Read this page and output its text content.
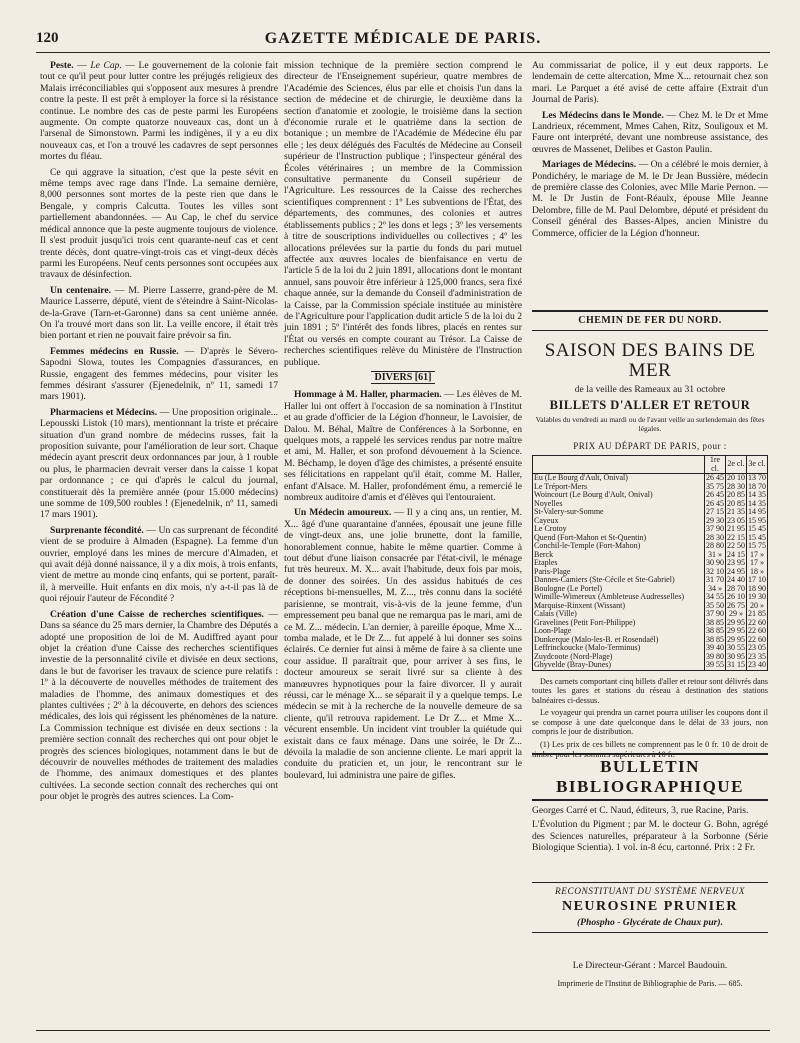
120	GAZETTE MÉDICALE DE PARIS.

Peste. — Le Cap. — Le gouvernement de la colonie fait tout ce qu'il peut pour lutter contre les préjugés religieux des Malais irréconciliables qui s'opposent aux mesures à prendre contre la peste. Il est prêt à employer la force si la résistance continue. Le nombre des cas de peste parmi les Européens augmente. On compte quatorze nouveaux cas, dont un à l'arsenal de Simonstown. Parmi les indigènes, il y a eu dix nouveaux cas, et l'on a trouvé les cadavres de sept personnes mortes du fléau.

Ce qui aggrave la situation, c'est que la peste sévit en même temps avec rage dans l'Inde. La semaine dernière, 8,000 personnes sont mortes de la peste rien que dans le Bengale, y compris Calcutta. Toutes les villes sont partiellement abandonnées. — Au Cap, le chef du service médical annonce que la peste augmente toujours de violence. Il s'est produit jusqu'ici trois cent quarante-neuf cas et cent trente décès, dont quatre-vingt-trois cas et vingt-deux décès parmi les Européens. Neuf cents personnes sont occupées aux travaux de désinfection.

Un centenaire. — M. Pierre Lasserre, grand-père de M. Maurice Lasserre, député, vient de s'éteindre à Saint-Nicolas-de-la-Grave (Tarn-et-Garonne) dans sa cent unième année. On l'a trouvé mort dans son lit. La veille encore, il était très bien portant et rien ne pouvait faire prévoir sa fin.

Femmes médecins en Russie. — D'après le Sévero-Sapodni Slowa, toutes les Compagnies d'assurances, en Russie, engagent des femmes médecins, pour visiter les femmes désirant s'assurer (Ejenedelnik, nº 11, samedi 17 mars 1901).

Pharmaciens et Médecins. — Une proposition originale... Lepousski Listok (10 mars), mentionnant la triste et précaire situation d'un grand nombre de médecins russes, fait la proposition suivante, pour l'amélioration de leur sort. Chaque médecin ayant prescrit deux ordonnances par jour, à 1 rouble ou plus, le pharmacien devrait verser dans la caisse 1 kopat par ordonnance ; ce qui d'après le calcul du journal, constituerait dès la première année (pour 15.000 médecins) une somme de 109,500 roubles ! (Ejenedelnik, nº 11, samedi 17 mars 1901).

Surprenante fécondité. — Un cas surprenant de fécondité vient de se produire à Almaden (Espagne). La femme d'un ouvrier, employé dans les mines de mercure d'Almaden, et qui avait déjà donné naissance, il y a dix mois, à trois enfants, vient de mettre au monde cinq enfants, qui se portent, paraît-il, à merveille. Huit enfants en dix mois, n'y a-t-il pas là de quoi réjouir l'auteur de Fécondité ?

Création d'une Caisse de recherches scientifiques. — Dans sa séance du 25 mars dernier, la Chambre des Députés a adopté une proposition de loi de M. Audiffred ayant pour objet la création d'une Caisse des recherches scientifiques investie de la personnalité civile et divisée en deux sections, dans le but de favoriser les travaux de science pure relatifs : 1º à la découverte de nouvelles méthodes de traitement des maladies de l'homme, des animaux domestiques et des plantes cultivées ; 2º à la découverte, en dehors des sciences médicales, des lois qui régissent les phénomènes de la nature. La Commission technique est divisée en deux sections : la première section connaît des recherches qui ont pour objet le progrès des sciences biologiques, notamment dans le but de découvrir de nouvelles méthodes de traitement des maladies de l'homme, des animaux domestiques et des plantes cultivées. La seconde section connaît des recherches qui ont pour objet le progrès des autres sciences. La Com-

mission technique de la première section comprend le directeur de l'Enseignement supérieur, quatre membres de l'Académie des Sciences, élus par elle et choisis l'un dans la section de médecine et de chirurgie, le deuxième dans la section d'anatomie et zoologie, le troisième dans la section d'économie rurale et le quatrième dans la section de botanique ; un membre de l'Académie de Médecine élu par elle ; les deux délégués des Facultés de Médecine au Conseil supérieur de l'Instruction publique ; l'inspecteur général des Écoles vétérinaires ; un membre de la Commission consultative permanente du Conseil supérieur de l'Agriculture. Les ressources de la Caisse des recherches scientifiques comprennent : 1º Les subventions de l'État, des départements, des communes, des colonies et autres établissements publics ; 2º les dons et legs ; 3º les versements à titre de souscriptions individuelles ou collectives ; 4º les allocations prélevées sur la partie du fonds du pari mutuel affectée aux œuvres locales de bienfaisance en vertu de l'article 5 de la loi du 2 juin 1891, allocations dont le montant annuel, sans pouvoir être inférieur à 125,000 francs, sera fixé chaque année, sur la demande du Conseil d'administration de la Caisse, par la Commission spéciale instituée au ministère de l'Agriculture pour l'application dudit article 5 de la loi du 2 juin 1891 ; 5º l'intérêt des fonds libres, placés en rentes sur l'État ou versés en compte courant au Trésor. La Caisse de recherches scientifiques relève du Ministère de l'Instruction publique.

DIVERS [61]

Hommage à M. Haller, pharmacien. — Les élèves de M. Haller lui ont offert à l'occasion de sa nomination à l'Institut et au grade d'officier de la Légion d'honneur, le Lavoisier, de Dalou. M. Béhal, Maître de Conférences à la Sorbonne, en quelques mots, a rappelé les services rendus par notre maître et ami, M. Haller, et son profond dévouement à la Science. M. Béchamp, le doyen d'âge des chimistes, a présenté ensuite ses félicitations en rappelant qu'il était, comme M. Haller, enfant d'Alsace. M. Haller, profondément ému, a remercié le nombreux auditoire d'amis et d'élèves qui l'entouraient.

Un Médecin amoureux. — Il y a cinq ans, un rentier, M. X... âgé d'une quarantaine d'années, épousait une jeune fille de vingt-deux ans, une jolie brunette, dont la famille, honorablement connue, habite le même quartier. Comme à tout début d'une liaison consacrée par l'état-civil, le ménage fut très heureux. M. X... avait l'habitude, deux fois par mois, de donner des soirées. Un des assidus habitués de ces réceptions bi-mensuelles, M. Z..., très connu dans la société parisienne, se montrait, vis-à-vis de la jeune femme, d'un empressement peu banal que ne remarqua pas le mari, ami de ce M. Z... médecin. L'an dernier, à pareille époque, Mme X... tomba malade, et le Dr Z... fut appelé à lui donner ses soins éclairés. Ce dernier fut ainsi à même de faire à sa cliente une cour assidue. Il paraîtrait que, pour arriver à ses fins, le docteur amoureux se serait livré sur sa cliente à des manœuvres hypnotiques pour la faire divorcer. Il y aurait réussi, car le ménage X... se séparait il y a quelque temps. Le médecin se mit à la recherche de la nouvelle demeure de sa cliente, qu'il retrouva rapidement. Le Dr Z... et Mme X... vécurent ensemble. Un incident vint troubler la quiétude qui existait dans ce faux ménage. Dans une soirée, le Dr Z... dévoila la maladie de son ancienne cliente. Le mari apprit la conduite du praticien et, un jour, le rencontrant sur le boulevard, lui administra une paire de gifles.

Au commissariat de police, il y eut deux rapports. Le lendemain de cette altercation, Mme X... retournait chez son mari. Le Parquet a été avisé de cette affaire (Extrait d'un Journal de Paris).

Les Médecins dans le Monde. — Chez M. le Dr et Mme Landrieux, récemment, Mmes Cahen, Ritz, Souligoux et M. Faure ont interprété, devant une nombreuse assistance, des œuvres de Massenet, Delibes et Gaston Paulin.

Mariages de Médecins. — On a célébré le mois dernier, à Pondichéry, le mariage de M. le Dr Jean Bussière, médecin de première classe des Colonies, avec Mlle Marie Pernon. — M. le Dr Justin de Font-Réaulx, épouse Mlle Jeanne Delombre, fille de M. Paul Delombre, député et président du Conseil général des Basses-Alpes, ancien Ministre du Commerce, officier de la Légion d'honneur.

CHEMIN DE FER DU NORD.
SAISON DES BAINS DE MER
de la veille des Rameaux au 31 octobre
BILLETS D'ALLER ET RETOUR
Valables du vendredi au mardi ou de l'avant veille au surlendemain des fêtes légales.
PRIX AU DÉPART DE PARIS, pour :
	1re cl.	2e cl.	3e cl.
Eu (Le Bourg d'Ault, Onival)	26 45	20 10	13 70
Le Tréport-Mers	35 75	28 30	18 70
Woincourt (Le Bourg d'Ault, Onival)	26 45	20 85	14 35
Noyelles	26 45	20 85	14 35
St-Valery-sur-Somme	27 15	21 35	14 95
Cayeux	29 30	23 05	15 95
Le Crotoy	37 90	21 95	15 45
Quend (Fort-Mahon et St-Quentin)	28 30	22 15	15 45
Conchil-le-Temple (Fort-Mahon)	28 80	22 50	15 75
Berck	31 »	24 15	17 »
Étaples	30 90	23 95	17 »
Paris-Plage	32 10	24 95	18 »
Dannes-Camiers (Ste-Cécile et Ste-Gabriel)	31 70	24 40	17 10
Boulogne (Le Portel)	34 »	28 70	18 90
Wimille-Wimereux (Ambleteuse Audresselles)	34 55	26 10	19 30
Marquise-Rinxent (Wissant)	35 50	26 75	20 »
Calais (Ville)	37 90	29 »	21 85
Gravelines (Petit Fort-Philippe)	38 85	29 95	22 60
Loon-Plage	38 85	29 95	22 60
Dunkerque (Malo-les-B. et Rosendaël)	38 85	29 95	22 60
Leffrinckoucke (Malo-Terminus)	39 40	30 55	23 05
Zuydcoote (Nord-Plage)	39 80	30 95	23 35
Ghyvelde (Bray-Dunes)	39 55	31 15	23 40

Des carnets comportant cinq billets d'aller et retour sont délivrés dans toutes les gares et stations du réseau à destination des stations balnéaires ci-dessus.

Le voyageur qui prendra un carnet pourra utiliser les coupons dont il se compose à une date quelconque dans le délai de 33 jours, non compris le jour de distribution.

(1) Les prix de ces billets ne comprennent pas le 0 fr. 10 de droit de timbre pour les sommes supérieures à 10 fr.

BULLETIN BIBLIOGRAPHIQUE

Georges Carré et C. Naud, éditeurs, 3, rue Racine, Paris.

L'Évolution du Pigment ; par M. le docteur G. Bohn, agrégé des Sciences naturelles, préparateur à la Sorbonne (Série Biologique Scientia). 1 vol. in-8 écu, cartonné. Prix : 2 Fr.

RECONSTITUANT DU SYSTÈME NERVEUX
NEUROSINE PRUNIER
(Phospho - Glycérate de Chaux pur).
Le Directeur-Gérant : Marcel Baudouin.
Imprimerie de l'Institut de Bibliographie de Paris. — 685.
